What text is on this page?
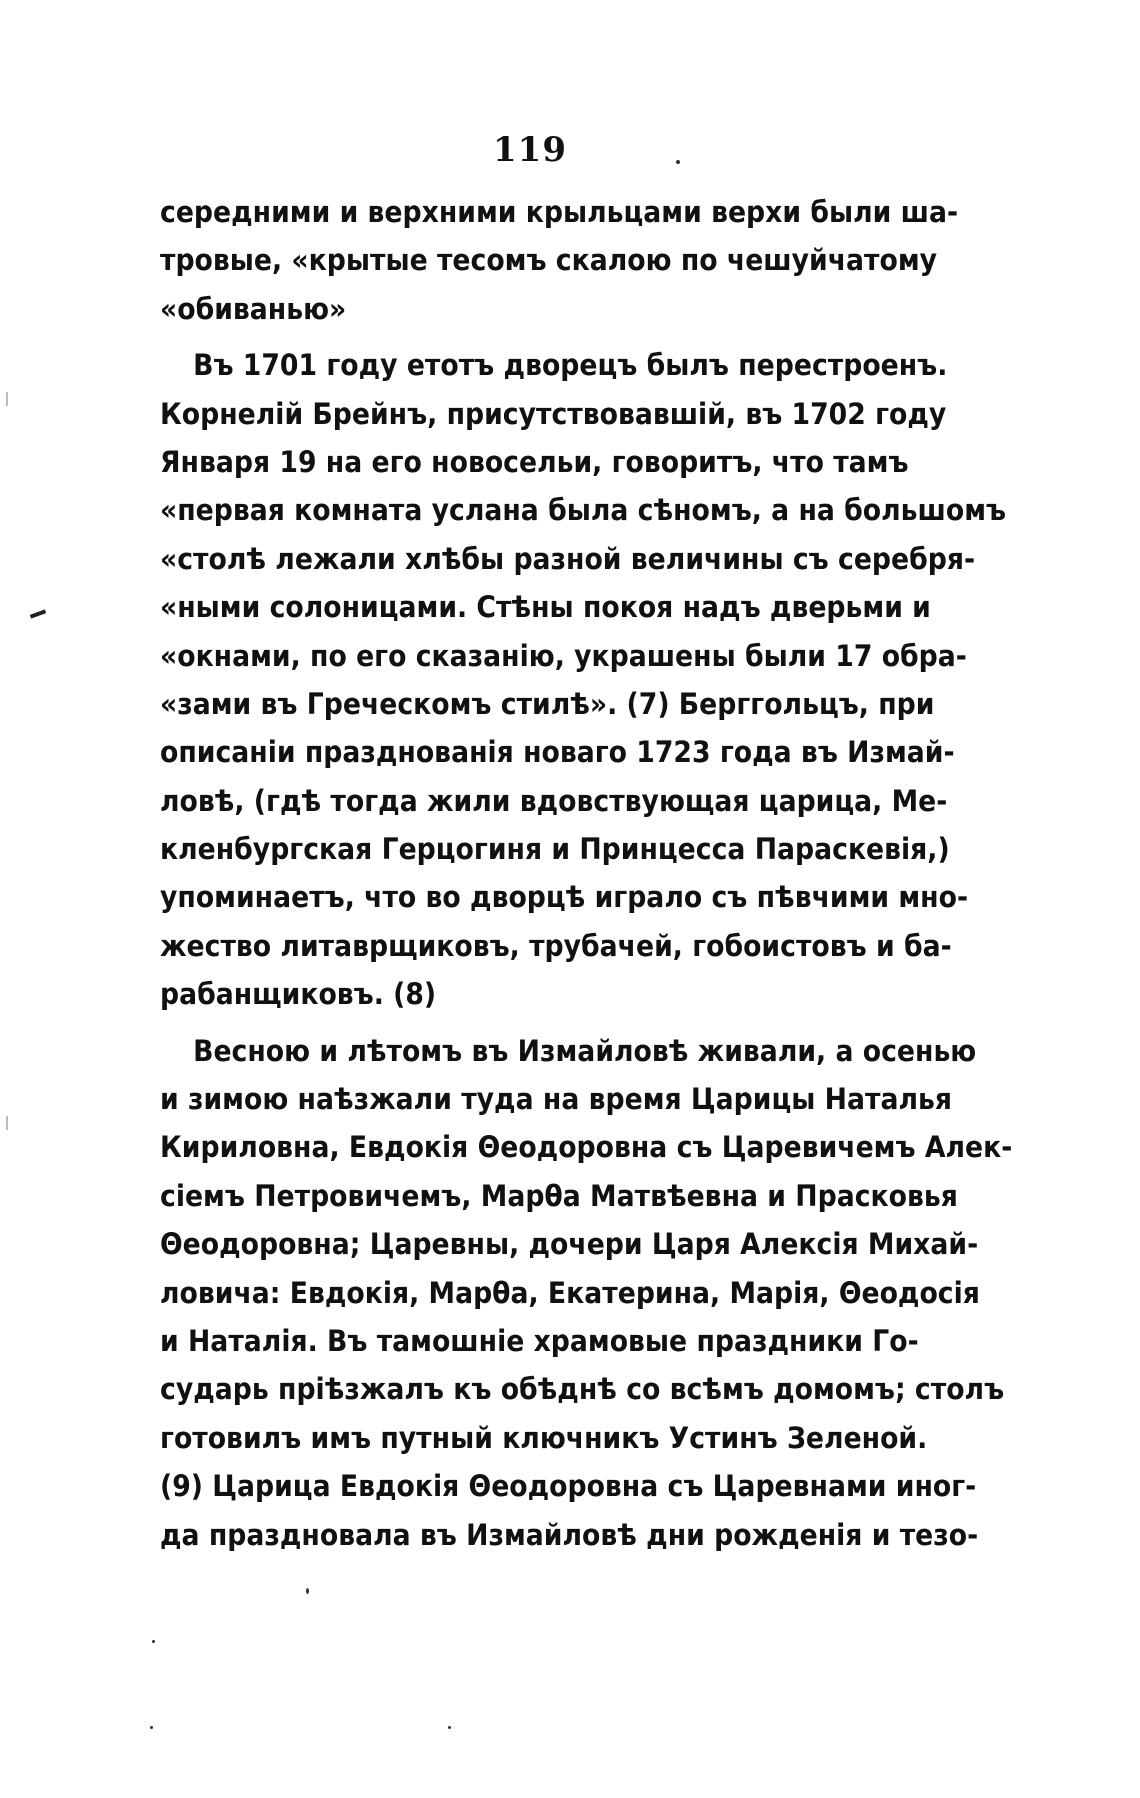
119
середними и верхними крыльцами верхи были ша-
тровые, «крытые тесомъ скалою по чешуйчатому
«обиванью»
Въ 1701 году етотъ дворецъ былъ перестроенъ.
Корнелiй Брейнъ, присутствовавшiй, въ 1702 году
Января 19 на его новосельи, говоритъ, что тамъ
«первая комната услана была сѣномъ, а на большомъ
«столѣ лежали хлѣбы разной величины съ серебря-
«ными солоницами. Стѣны покоя надъ дверьми и
«окнами, по его сказанiю, украшены были 17 обра-
«зами въ Греческомъ стилѣ». (7) Берггольцъ, при
описанiи празднованiя новаго 1723 года въ Измай-
ловѣ, (гдѣ тогда жили вдовствующая царица, Ме-
кленбургская Герцогиня и Принцесса Параскевiя,)
упоминаетъ, что во дворцѣ играло съ пѣвчими мно-
жество литаврщиковъ, трубачей, гобоистовъ и ба-
рабанщиковъ. (8)
Весною и лѣтомъ въ Измайловѣ живали, а осенью
и зимою наѣзжали туда на время Царицы Наталья
Кириловна, Евдокiя Θеодоровна съ Царевичемъ Алек-
сiемъ Петровичемъ, Марθа Матвѣевна и Прасковья
Θеодоровна; Царевны, дочери Царя Алексiя Михай-
ловича: Евдокiя, Марθа, Екатерина, Марiя, Θеодосiя
и Наталiя. Въ тамошнiе храмовые праздники Го-
сударь прiѣзжалъ къ обѣднѣ со всѣмъ домомъ; столъ
готовилъ имъ путный ключникъ Устинъ Зеленой.
(9) Царица Евдокiя Θеодоровна съ Царевнами иног-
да праздновала въ Измайловѣ дни рожденiя и тезо-
